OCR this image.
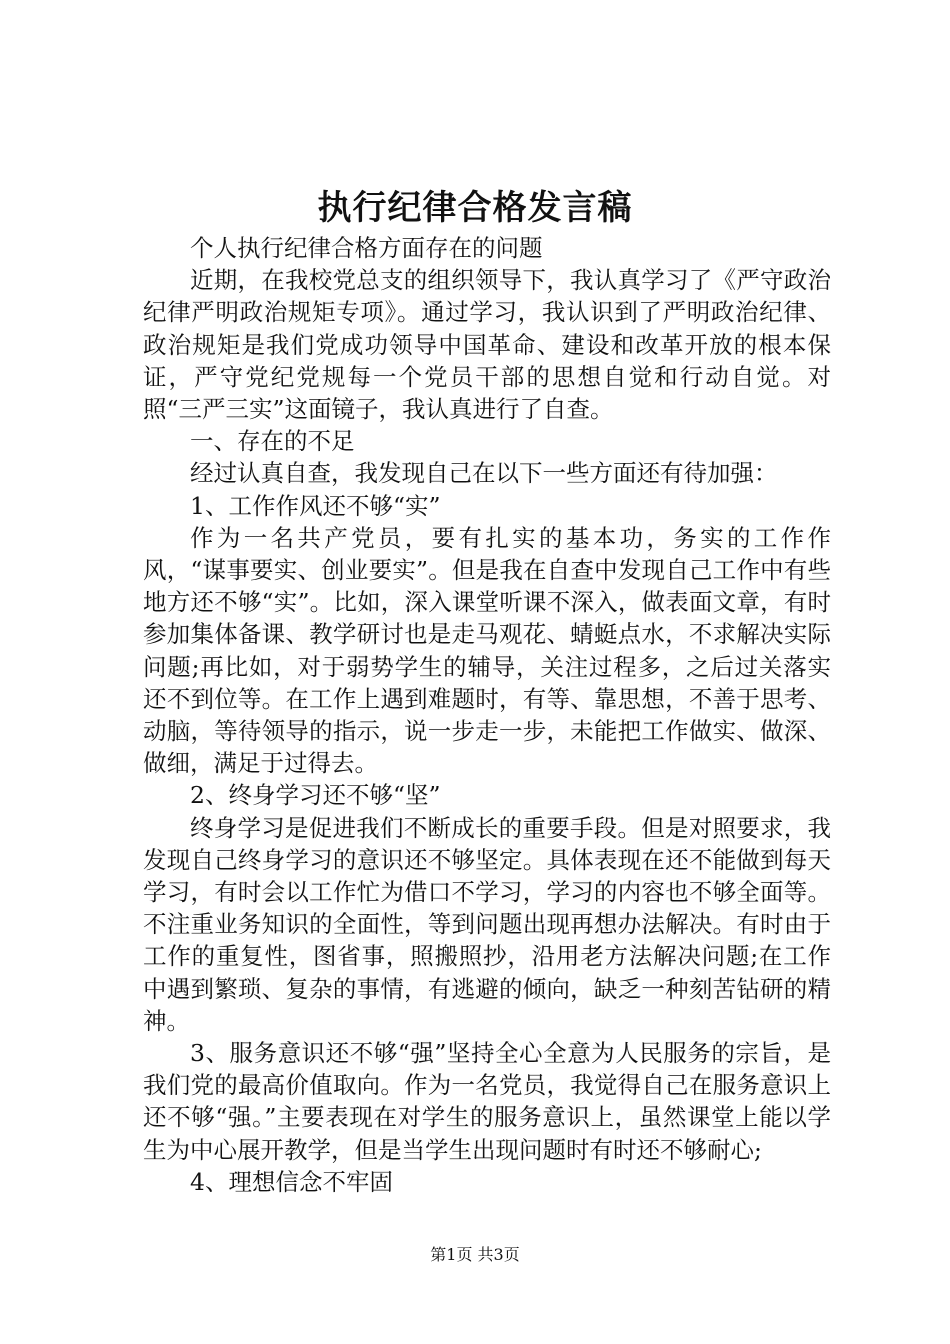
执行纪律合格发言稿

个人执行纪律合格方面存在的问题

近期，在我校党总支的组织领导下，我认真学习了《严守政治纪律严明政治规矩专项》。通过学习，我认识到了严明政治纪律、政治规矩是我们党成功领导中国革命、建设和改革开放的根本保证，严守党纪党规每一个党员干部的思想自觉和行动自觉。对照“三严三实”这面镜子，我认真进行了自查。

一、存在的不足

经过认真自查，我发现自己在以下一些方面还有待加强：

1、工作作风还不够“实”

作为一名共产党员，要有扎实的基本功，务实的工作作风，“谋事要实、创业要实”。但是我在自查中发现自己工作中有些地方还不够“实”。比如，深入课堂听课不深入，做表面文章，有时参加集体备课、教学研讨也是走马观花、蜻蜓点水，不求解决实际问题;再比如，对于弱势学生的辅导，关注过程多，之后过关落实还不到位等。在工作上遇到难题时，有等、靠思想，不善于思考、动脑，等待领导的指示，说一步走一步，未能把工作做实、做深、做细，满足于过得去。

2、终身学习还不够“坚”

终身学习是促进我们不断成长的重要手段。但是对照要求，我发现自己终身学习的意识还不够坚定。具体表现在还不能做到每天学习，有时会以工作忙为借口不学习，学习的内容也不够全面等。不注重业务知识的全面性，等到问题出现再想办法解决。有时由于工作的重复性，图省事，照搬照抄，沿用老方法解决问题;在工作中遇到繁琐、复杂的事情，有逃避的倾向，缺乏一种刻苦钻研的精神。

3、服务意识还不够“强”坚持全心全意为人民服务的宗旨，是我们党的最高价值取向。作为一名党员，我觉得自己在服务意识上还不够“强。”主要表现在对学生的服务意识上，虽然课堂上能以学生为中心展开教学，但是当学生出现问题时有时还不够耐心;

4、理想信念不牢固

第1页 共3页
